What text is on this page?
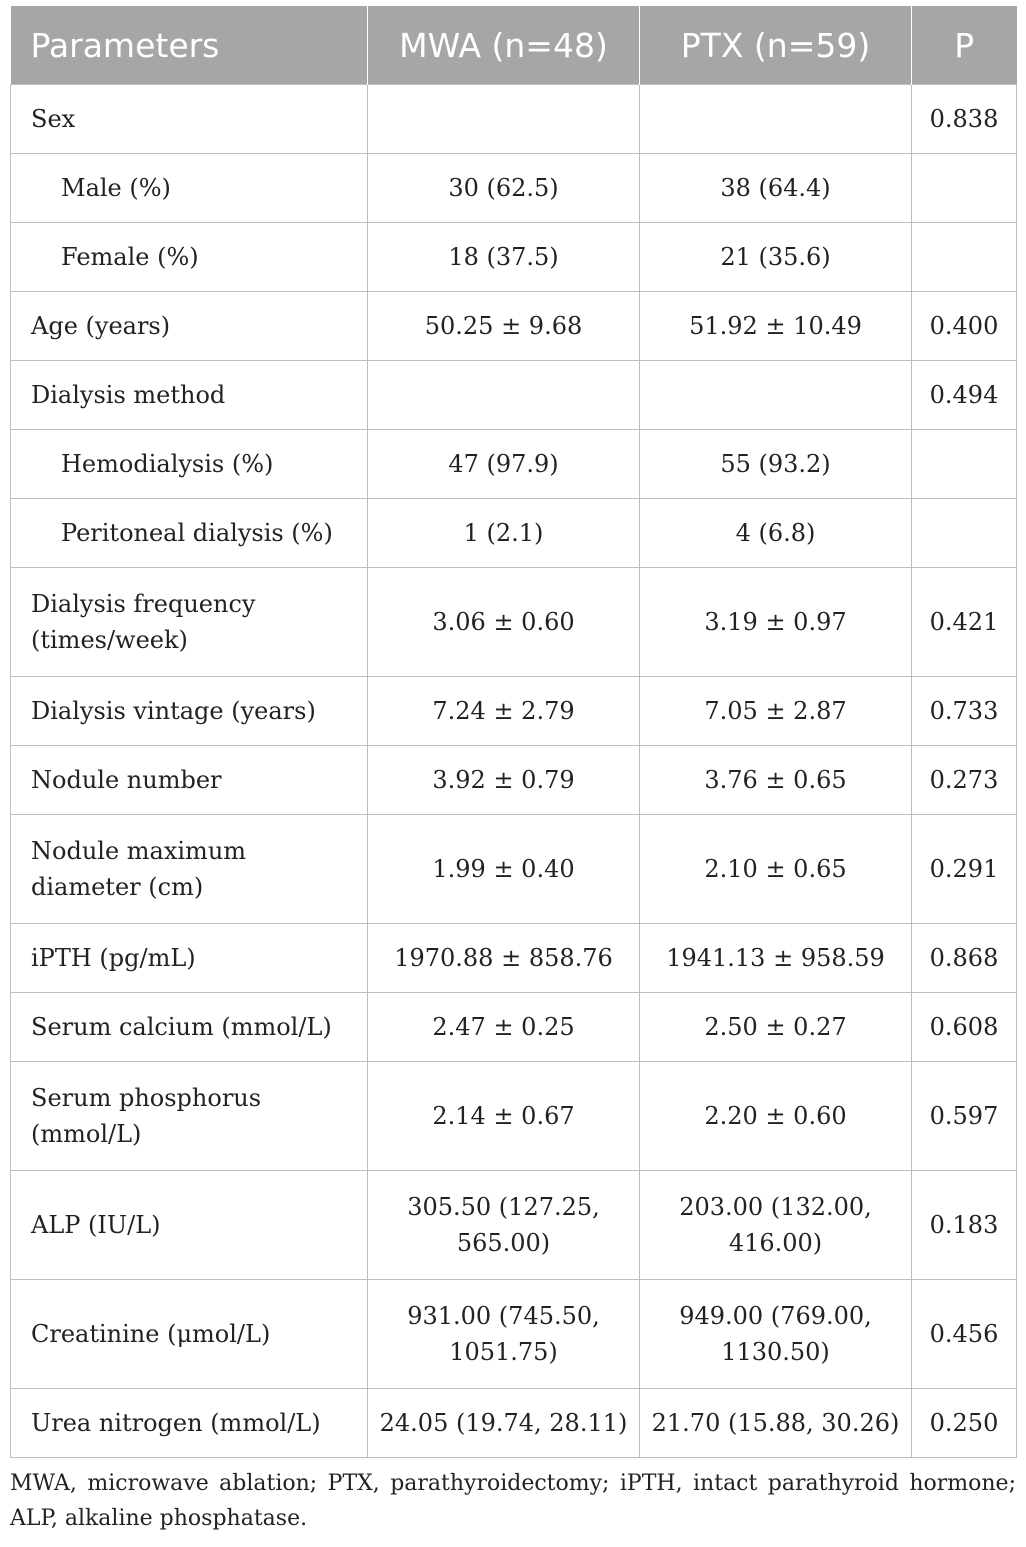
Parameters	MWA (n=48)	PTX (n=59)	P
Sex			0.838
Male (%)	30 (62.5)	38 (64.4)	
Female (%)	18 (37.5)	21 (35.6)	
Age (years)	50.25 ± 9.68	51.92 ± 10.49	0.400
Dialysis method			0.494
Hemodialysis (%)	47 (97.9)	55 (93.2)	
Peritoneal dialysis (%)	1 (2.1)	4 (6.8)	
Dialysis frequency (times/week)	3.06 ± 0.60	3.19 ± 0.97	0.421
Dialysis vintage (years)	7.24 ± 2.79	7.05 ± 2.87	0.733
Nodule number	3.92 ± 0.79	3.76 ± 0.65	0.273
Nodule maximum diameter (cm)	1.99 ± 0.40	2.10 ± 0.65	0.291
iPTH (pg/mL)	1970.88 ± 858.76	1941.13 ± 958.59	0.868
Serum calcium (mmol/L)	2.47 ± 0.25	2.50 ± 0.27	0.608
Serum phosphorus (mmol/L)	2.14 ± 0.67	2.20 ± 0.60	0.597
ALP (IU/L)	305.50 (127.25, 565.00)	203.00 (132.00, 416.00)	0.183
Creatinine (μmol/L)	931.00 (745.50, 1051.75)	949.00 (769.00, 1130.50)	0.456
Urea nitrogen (mmol/L)	24.05 (19.74, 28.11)	21.70 (15.88, 30.26)	0.250
MWA, microwave ablation; PTX, parathyroidectomy; iPTH, intact parathyroid hormone; ALP, alkaline phosphatase.
